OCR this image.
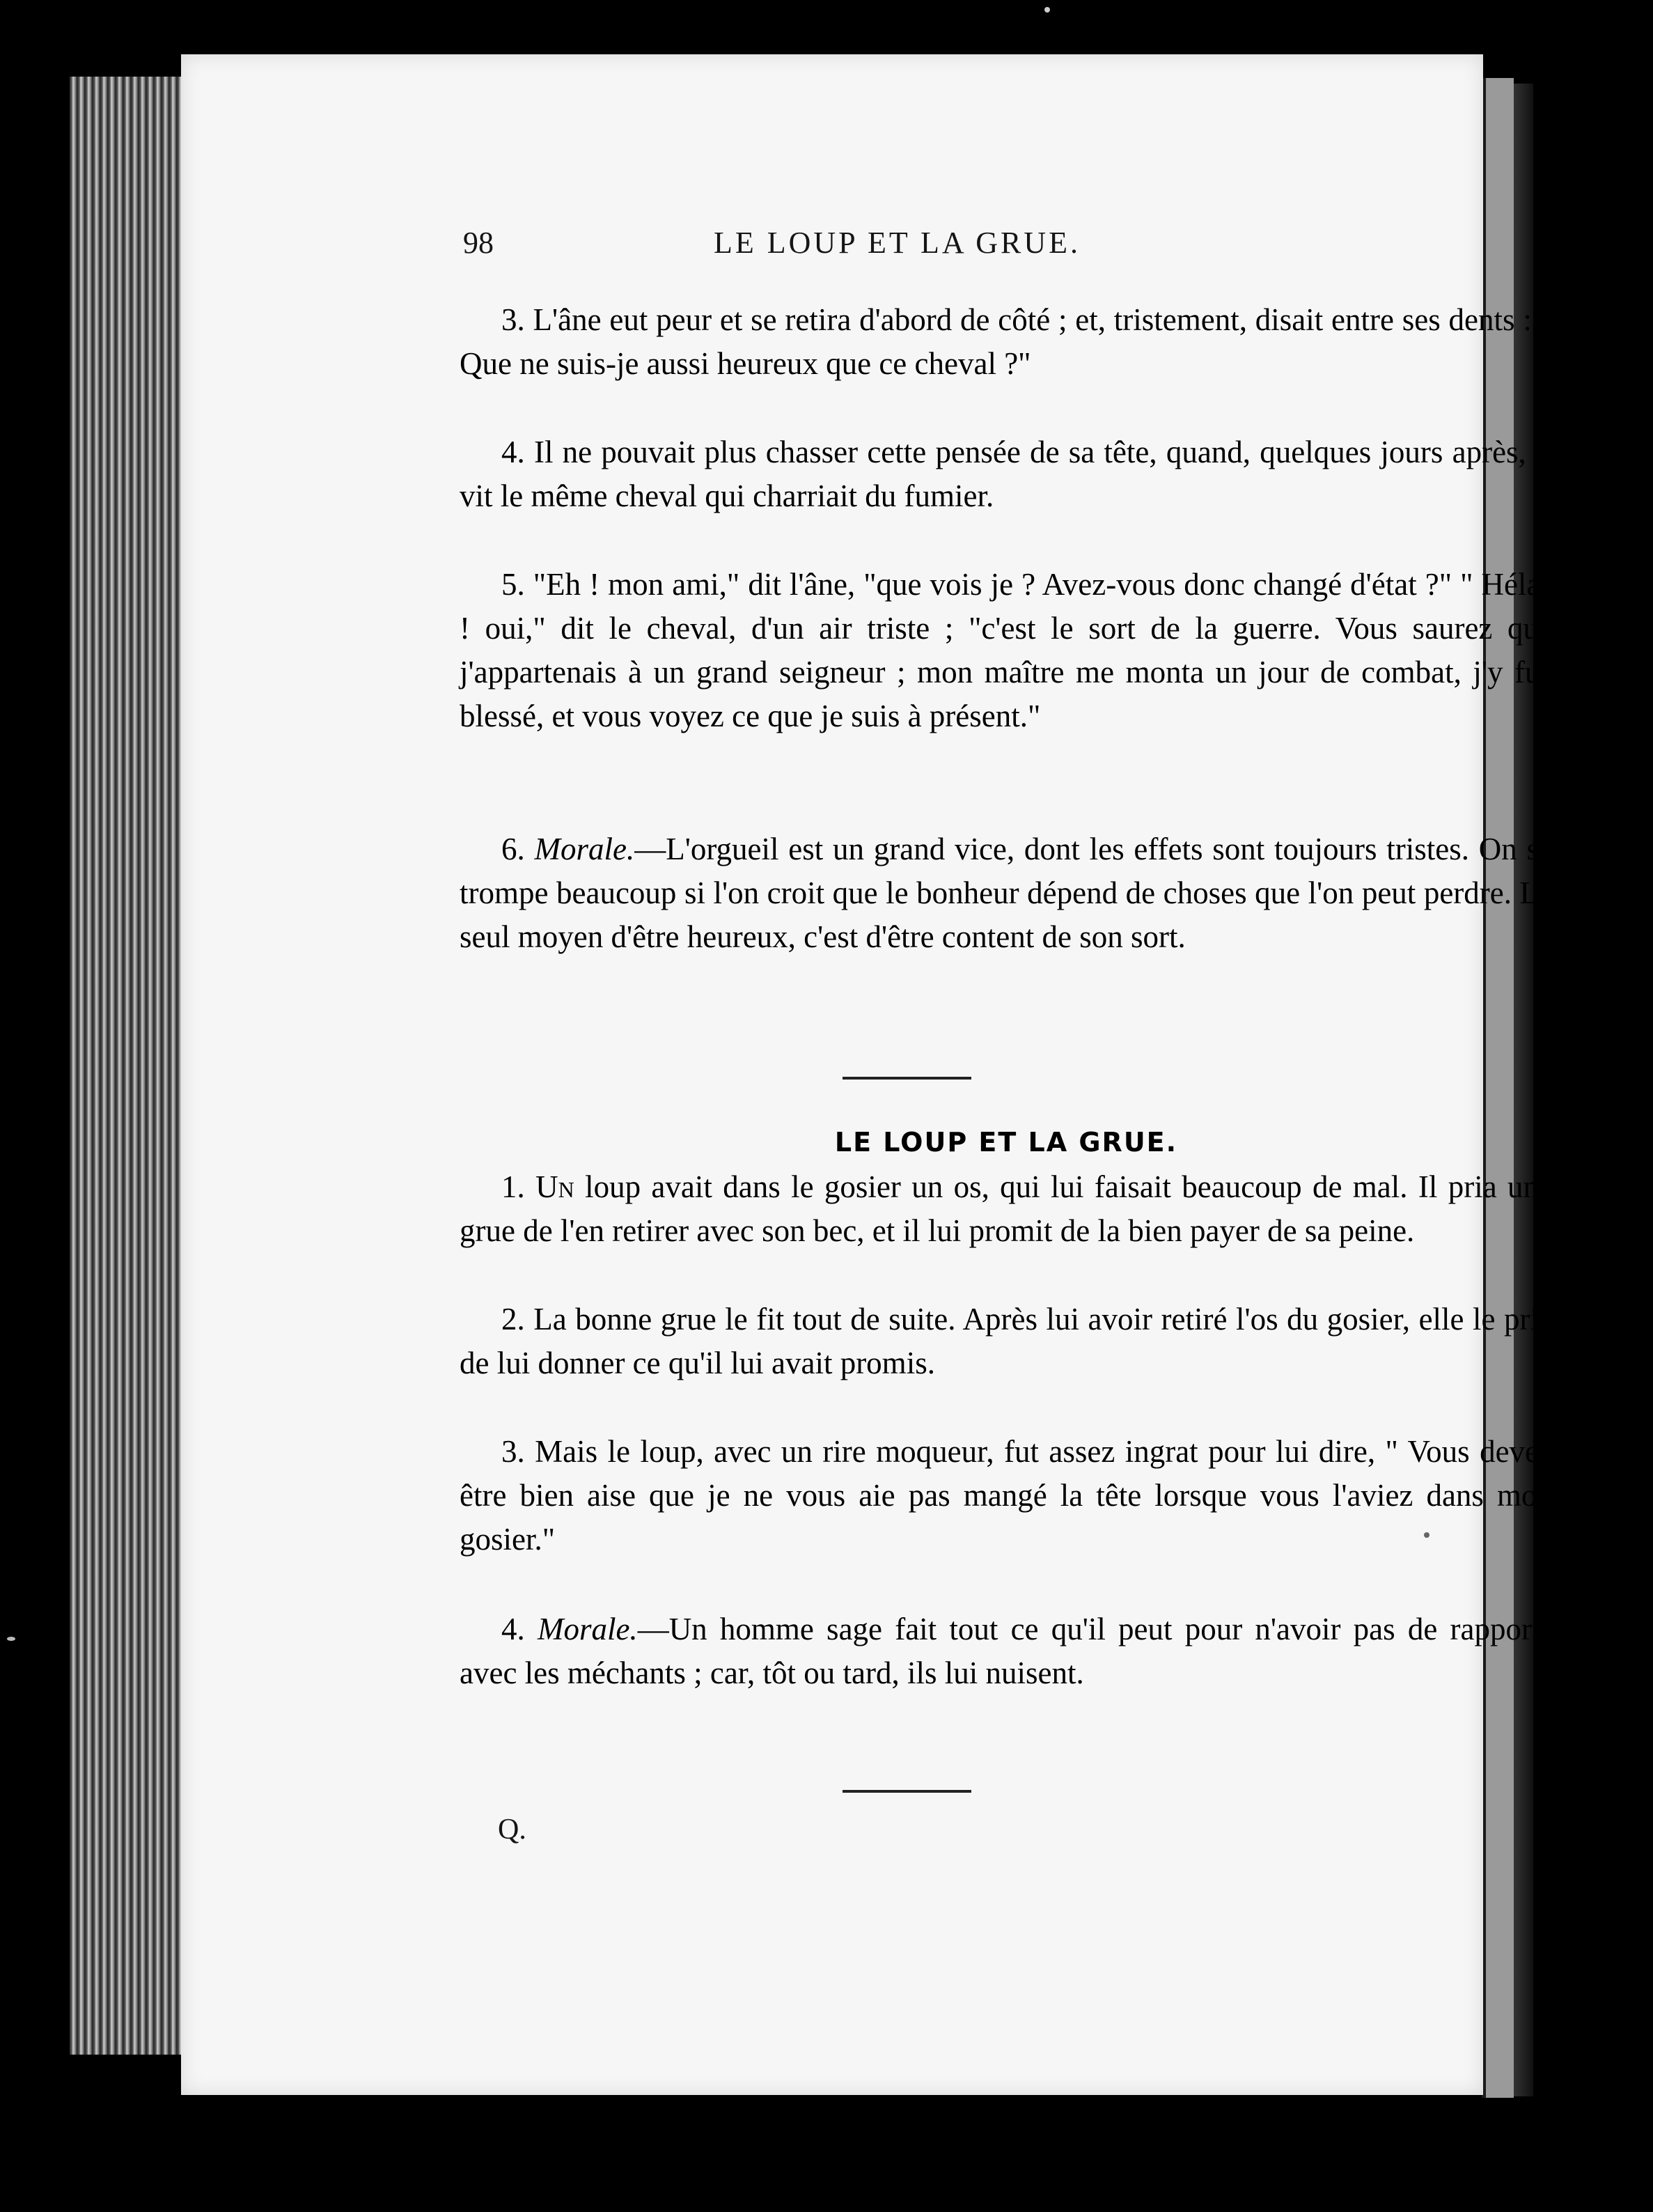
98	LE LOUP ET LA GRUE.

3. L'âne eut peur et se retira d'abord de côté ; et, tristement, disait entre ses dents : " Que ne suis-je aussi heureux que ce cheval ?"

4. Il ne pouvait plus chasser cette pensée de sa tête, quand, quelques jours après, il vit le même cheval qui charriait du fumier.

5. "Eh ! mon ami," dit l'âne, "que vois je ? Avez-vous donc changé d'état ?" " Hélas ! oui," dit le cheval, d'un air triste ; "c'est le sort de la guerre. Vous saurez que j'appartenais à un grand seigneur ; mon maître me monta un jour de combat, j'y fus blessé, et vous voyez ce que je suis à présent."

6. Morale.—L'orgueil est un grand vice, dont les effets sont toujours tristes. On se trompe beaucoup si l'on croit que le bonheur dépend de choses que l'on peut perdre. Le seul moyen d'être heureux, c'est d'être content de son sort.

LE LOUP ET LA GRUE.

1. Un loup avait dans le gosier un os, qui lui faisait beaucoup de mal. Il pria une grue de l'en retirer avec son bec, et il lui promit de la bien payer de sa peine.

2. La bonne grue le fit tout de suite. Après lui avoir retiré l'os du gosier, elle le pria de lui donner ce qu'il lui avait promis.

3. Mais le loup, avec un rire moqueur, fut assez ingrat pour lui dire, " Vous devez être bien aise que je ne vous aie pas mangé la tête lorsque vous l'aviez dans mon gosier."

4. Morale.—Un homme sage fait tout ce qu'il peut pour n'avoir pas de rapports avec les méchants ; car, tôt ou tard, ils lui nuisent.

Q.
